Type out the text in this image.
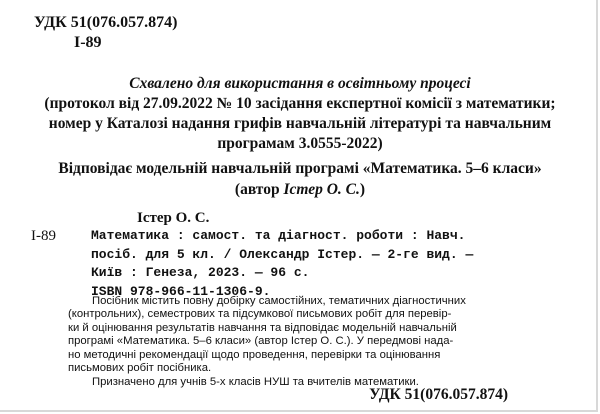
УДК 51(076.057.874)
І-89
Схвалено для використання в освітньому процесі
(протокол від 27.09.2022 № 10 засідання експертної комісії з математики;
номер у Каталозі надання грифів навчальній літературі та навчальним
програмам 3.0555-2022)
Відповідає модельній навчальній програмі «Математика. 5–6 класи»
(автор Істер О. С.)
Істер О. С.
І-89	Математика : самост. та діагност. роботи : Навч.
посіб. для 5 кл. / Олександр Істер. — 2-ге вид. —
Київ : Генеза, 2023. — 96 с.
ISBN 978-966-11-1306-9.
Посібник містить повну добірку самостійних, тематичних діагностичних
(контрольних), семестрових та підсумкової письмових робіт для перевір-
ки й оцінювання результатів навчання та відповідає модельній навчальній
програмі «Математика. 5–6 класи» (автор Істер О. С.). У передмові нада-
но методичні рекомендації щодо проведення, перевірки та оцінювання
письмових робіт посібника.
Призначено для учнів 5-х класів НУШ та вчителів математики.
УДК 51(076.057.874)
